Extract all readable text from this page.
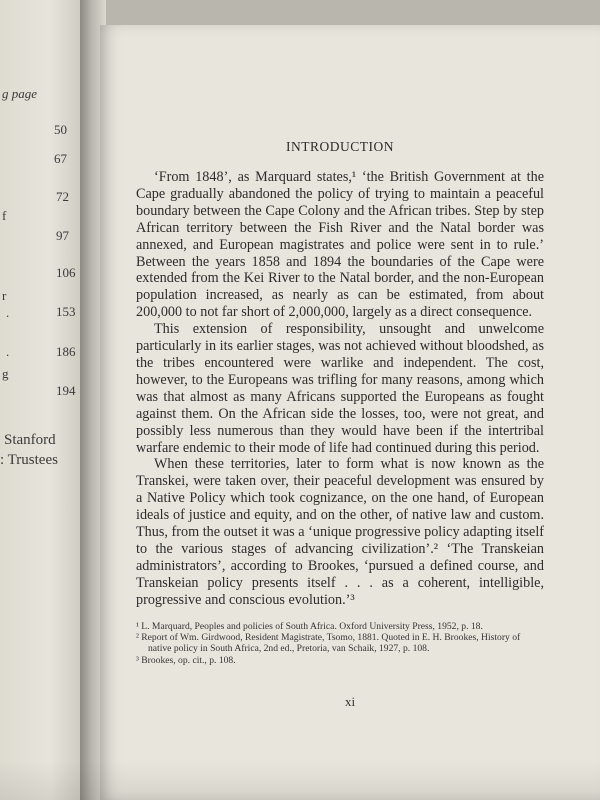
g page
50
67
72
f
97
106
r
.	153
.	186
g
194
Stanford
: Trustees
INTRODUCTION

‘From 1848’, as Marquard states,¹ ‘the British Government at the Cape gradually abandoned the policy of trying to maintain a peaceful boundary between the Cape Colony and the African tribes. Step by step African territory between the Fish River and the Natal border was annexed, and European magistrates and police were sent in to rule.’ Between the years 1858 and 1894 the boundaries of the Cape were extended from the Kei River to the Natal border, and the non-European population increased, as nearly as can be estimated, from about 200,000 to not far short of 2,000,000, largely as a direct consequence.

This extension of responsibility, unsought and unwelcome particularly in its earlier stages, was not achieved without bloodshed, as the tribes encountered were warlike and independent. The cost, however, to the Europeans was trifling for many reasons, among which was that almost as many Africans supported the Europeans as fought against them. On the African side the losses, too, were not great, and possibly less numerous than they would have been if the intertribal warfare endemic to their mode of life had continued during this period.

When these territories, later to form what is now known as the Transkei, were taken over, their peaceful development was ensured by a Native Policy which took cognizance, on the one hand, of European ideals of justice and equity, and on the other, of native law and custom. Thus, from the outset it was a ‘unique progressive policy adapting itself to the various stages of advancing civilization’.² ‘The Transkeian administrators’, according to Brookes, ‘pursued a defined course, and Transkeian policy presents itself . . . as a coherent, intelligible, progressive and conscious evolution.’³

¹ L. Marquard, Peoples and policies of South Africa. Oxford University Press, 1952, p. 18.

² Report of Wm. Girdwood, Resident Magistrate, Tsomo, 1881. Quoted in E. H. Brookes, History of native policy in South Africa, 2nd ed., Pretoria, van Schaik, 1927, p. 108.

³ Brookes, op. cit., p. 108.

xi
